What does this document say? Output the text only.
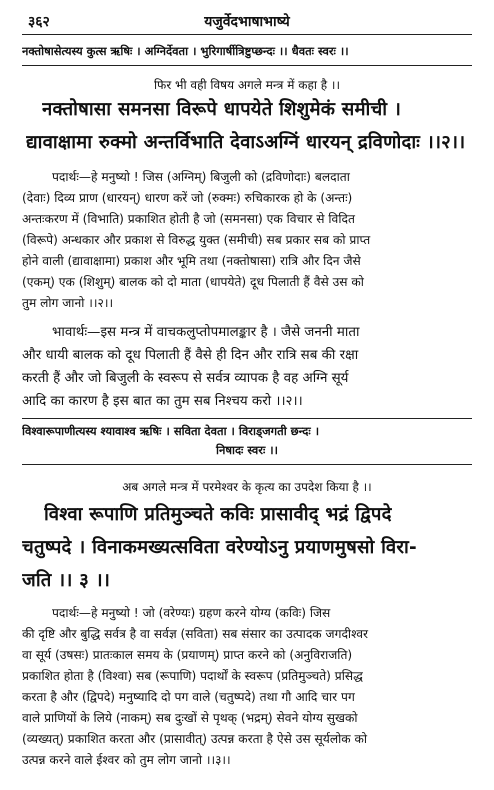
३६२	यजुर्वेदभाषाभाष्ये
नक्तोषासेत्यस्य कुत्स ऋषिः । अग्निर्देवता । भुरिगार्षीत्रिष्टुप्छन्दः ।। धैवतः स्वरः ।।
फिर भी वही विषय अगले मन्त्र में कहा है ।।
नक्तोषासा समनसा विरूपे धापयेते शिशुमेकं समीची ।
द्यावाक्षामा रुक्मो अन्तर्विभाति देवाऽअग्निं धारयन् द्रविणोदाः ।।२।।
पदार्थः—हे मनुष्यो ! जिस (अग्निम्) बिजुली को (द्रविणोदाः) बलदाता
(देवाः) दिव्य प्राण (धारयन्) धारण करें जो (रुक्मः) रुचिकारक हो के (अन्तः)
अन्तःकरण में (विभाति) प्रकाशित होती है जो (समनसा) एक विचार से विदित
(विरूपे) अन्धकार और प्रकाश से विरुद्ध युक्त (समीची) सब प्रकार सब को प्राप्त
होने वाली (द्यावाक्षामा) प्रकाश और भूमि तथा (नक्तोषासा) रात्रि और दिन जैसे
(एकम्) एक (शिशुम्) बालक को दो माता (धापयेते) दूध पिलाती हैं वैसे उस को
तुम लोग जानो ।।२।।
भावार्थः—इस मन्त्र में वाचकलुप्तोपमालङ्कार है । जैसे जननी माता
और धायी बालक को दूध पिलाती हैं वैसे ही दिन और रात्रि सब की रक्षा
करती हैं और जो बिजुली के स्वरूप से सर्वत्र व्यापक है वह अग्नि सूर्य
आदि का कारण है इस बात का तुम सब निश्चय करो ।।२।।
विश्वारूपाणीत्यस्य श्यावाश्व ऋषिः । सविता देवता । विराड्जगती छन्दः ।
निषादः स्वरः ।।
अब अगले मन्त्र में परमेश्वर के कृत्य का उपदेश किया है ।।
विश्वा रूपाणि प्रतिमुञ्चते कविः प्रासावीद् भद्रं द्विपदे
चतुष्पदे । विनाकमख्यत्सविता वरेण्योऽनु प्रयाणमुषसो विरा-
जति ।। ३ ।।
पदार्थः—हे मनुष्यो ! जो (वरेण्यः) ग्रहण करने योग्य (कविः) जिस
की दृष्टि और बुद्धि सर्वत्र है वा सर्वज्ञ (सविता) सब संसार का उत्पादक जगदीश्वर
वा सूर्य (उषसः) प्रातःकाल समय के (प्रयाणम्) प्राप्त करने को (अनुविराजति)
प्रकाशित होता है (विश्वा) सब (रूपाणि) पदार्थों के स्वरूप (प्रतिमुञ्चते) प्रसिद्ध
करता है और (द्विपदे) मनुष्यादि दो पग वाले (चतुष्पदे) तथा गौ आदि चार पग
वाले प्राणियों के लिये (नाकम्) सब दुःखों से पृथक् (भद्रम्) सेवने योग्य सुखको
(व्यख्यत्) प्रकाशित करता और (प्रासावीत्) उत्पन्न करता है ऐसे उस सूर्यलोक को
उत्पन्न करने वाले ईश्वर को तुम लोग जानो ।।३।।
